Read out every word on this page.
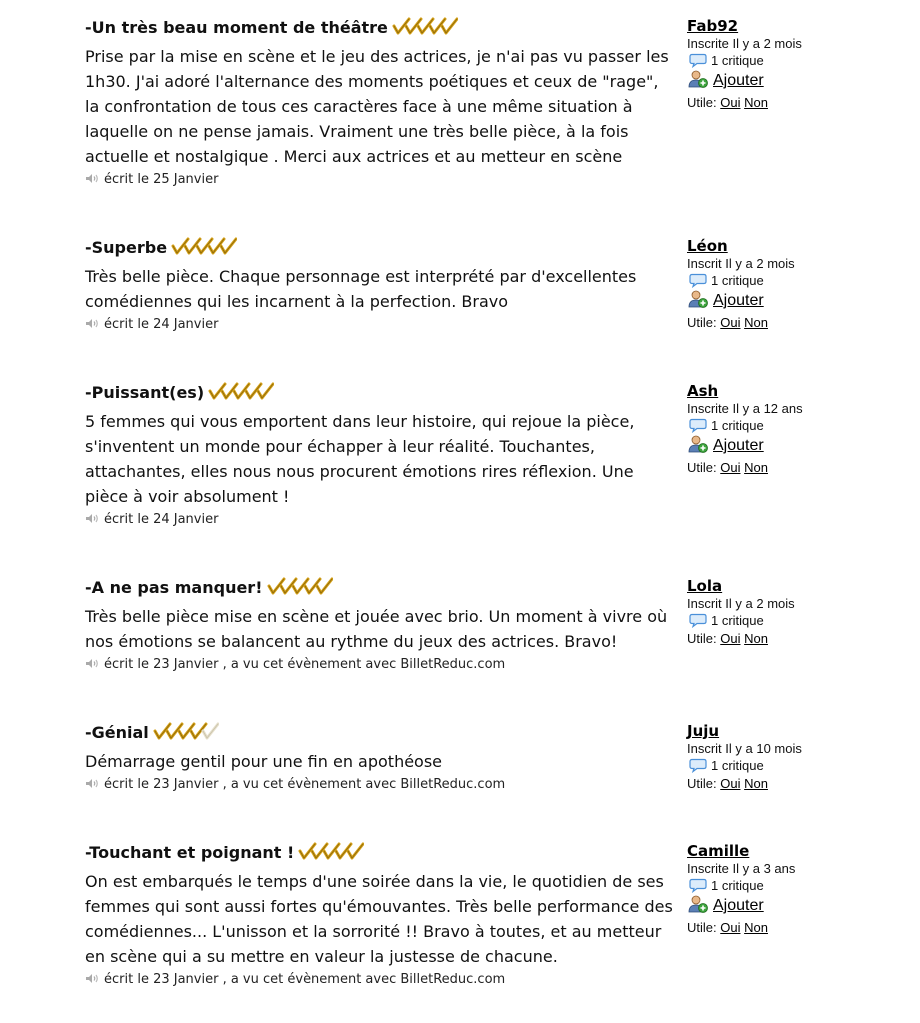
-Un très beau moment de théâtre
Prise par la mise en scène et le jeu des actrices, je n'ai pas vu passer les 1h30. J'ai adoré l'alternance des moments poétiques et ceux de "rage", la confrontation de tous ces caractères face à une même situation à laquelle on ne pense jamais. Vraiment une très belle pièce, à la fois actuelle et nostalgique . Merci aux actrices et au metteur en scène
écrit le 25 Janvier
Fab92
Inscrite Il y a 2 mois
1 critique
Ajouter
Utile: Oui Non
-Superbe
Très belle pièce. Chaque personnage est interprété par d'excellentes comédiennes qui les incarnent à la perfection. Bravo
écrit le 24 Janvier
Léon
Inscrit Il y a 2 mois
1 critique
Ajouter
Utile: Oui Non
-Puissant(es)
5 femmes qui vous emportent dans leur histoire, qui rejoue la pièce, s'inventent un monde pour échapper à leur réalité. Touchantes, attachantes, elles nous nous procurent émotions rires réflexion. Une pièce à voir absolument !
écrit le 24 Janvier
Ash
Inscrite Il y a 12 ans
1 critique
Ajouter
Utile: Oui Non
-A ne pas manquer!
Très belle pièce mise en scène et jouée avec brio. Un moment à vivre où nos émotions se balancent au rythme du jeux des actrices. Bravo!
écrit le 23 Janvier , a vu cet évènement avec BilletReduc.com
Lola
Inscrit Il y a 2 mois
1 critique
Utile: Oui Non
-Génial
Démarrage gentil pour une fin en apothéose
écrit le 23 Janvier , a vu cet évènement avec BilletReduc.com
Juju
Inscrit Il y a 10 mois
1 critique
Utile: Oui Non
-Touchant et poignant !
On est embarqués le temps d'une soirée dans la vie, le quotidien de ses femmes qui sont aussi fortes qu'émouvantes. Très belle performance des comédiennes... L'unisson et la sorrorité !! Bravo à toutes, et au metteur en scène qui a su mettre en valeur la justesse de chacune.
écrit le 23 Janvier , a vu cet évènement avec BilletReduc.com
Camille
Inscrite Il y a 3 ans
1 critique
Ajouter
Utile: Oui Non
